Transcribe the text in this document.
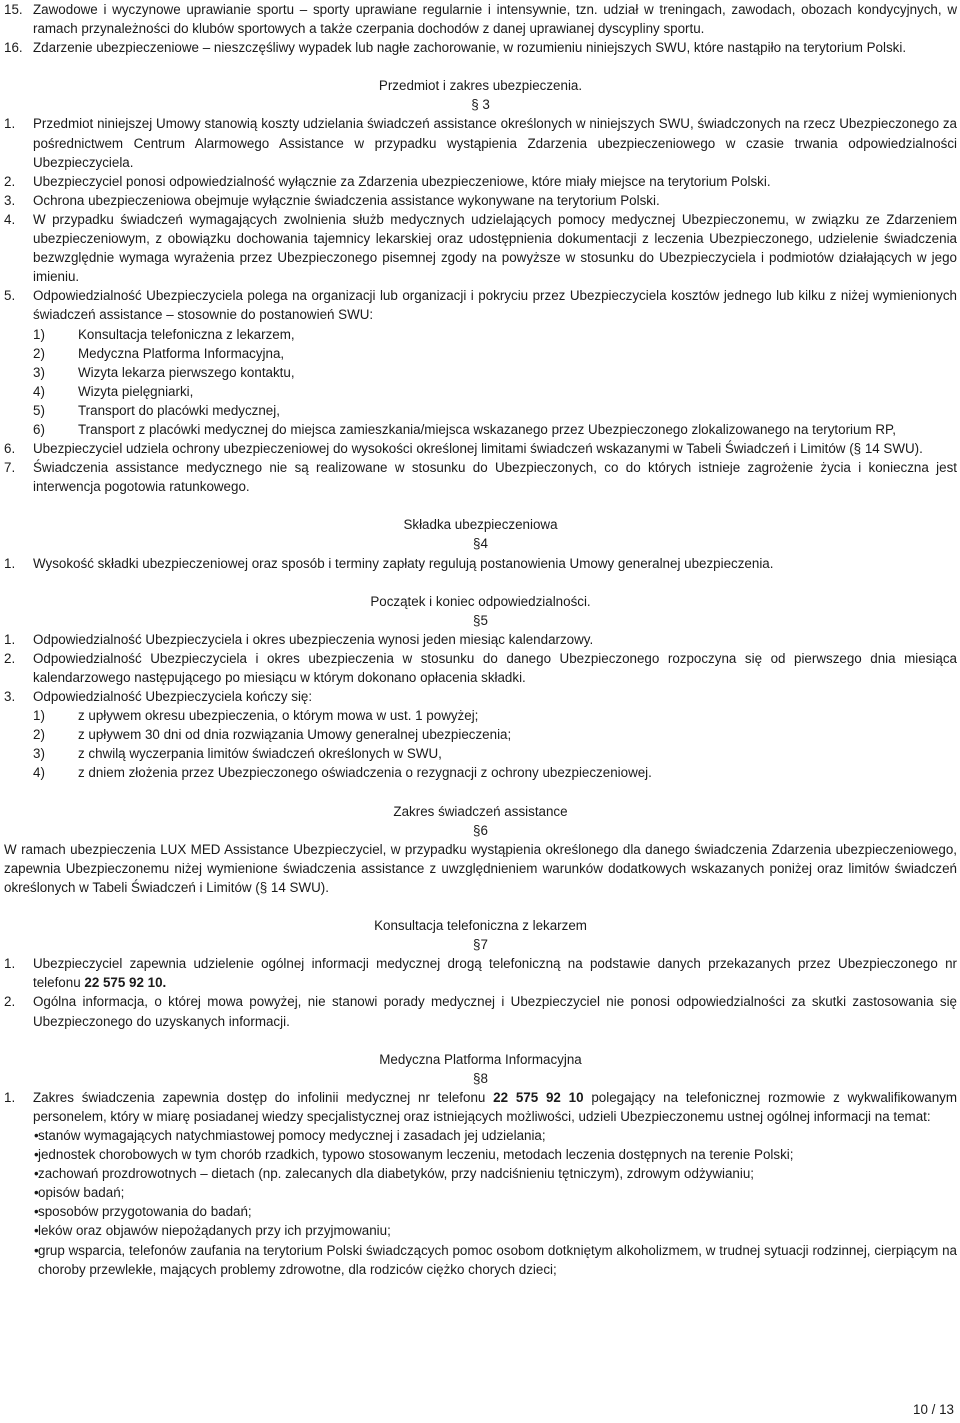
15. Zawodowe i wyczynowe uprawianie sportu – sporty uprawiane regularnie i intensywnie, tzn. udział w treningach, zawodach, obozach kondycyjnych, w ramach przynależności do klubów sportowych a także czerpania dochodów z danej uprawianej dyscypliny sportu.
16. Zdarzenie ubezpieczeniowe – nieszczęśliwy wypadek lub nagłe zachorowanie, w rozumieniu niniejszych SWU, które nastąpiło na terytorium Polski.
Przedmiot i zakres ubezpieczenia.
§ 3
1.	Przedmiot niniejszej Umowy stanowią koszty udzielania świadczeń assistance określonych w niniejszych SWU, świadczonych na rzecz Ubezpieczonego za pośrednictwem Centrum Alarmowego Assistance w przypadku wystąpienia Zdarzenia ubezpieczeniowego w czasie trwania odpowiedzialności Ubezpieczyciela.
2.	Ubezpieczyciel ponosi odpowiedzialność wyłącznie za Zdarzenia ubezpieczeniowe, które miały miejsce na terytorium Polski.
3.	Ochrona ubezpieczeniowa obejmuje wyłącznie świadczenia assistance wykonywane na terytorium Polski.
4.	W przypadku świadczeń wymagających zwolnienia służb medycznych udzielających pomocy medycznej Ubezpieczonemu, w związku ze Zdarzeniem ubezpieczeniowym, z obowiązku dochowania tajemnicy lekarskiej oraz udostępnienia dokumentacji z leczenia Ubezpieczonego, udzielenie świadczenia bezwzględnie wymaga wyrażenia przez Ubezpieczonego pisemnej zgody na powyższe w stosunku do Ubezpieczyciela i podmiotów działających w jego imieniu.
5.	Odpowiedzialność Ubezpieczyciela polega na organizacji lub organizacji i pokryciu przez Ubezpieczyciela kosztów jednego lub kilku z niżej wymienionych świadczeń assistance – stosownie do postanowień SWU:
1)	Konsultacja telefoniczna z lekarzem,
2)	Medyczna Platforma Informacyjna,
3)	Wizyta lekarza pierwszego kontaktu,
4)	Wizyta pielęgniarki,
5)	Transport do placówki medycznej,
6)	Transport z placówki medycznej do miejsca zamieszkania/miejsca wskazanego przez Ubezpieczonego zlokalizowanego na terytorium RP,
6.	Ubezpieczyciel udziela ochrony ubezpieczeniowej do wysokości określonej limitami świadczeń wskazanymi w Tabeli Świadczeń i Limitów (§ 14 SWU).
7.	Świadczenia assistance medycznego nie są realizowane w stosunku do Ubezpieczonych, co do których istnieje zagrożenie życia i konieczna jest interwencja pogotowia ratunkowego.
Składka ubezpieczeniowa
§4
1.	Wysokość składki ubezpieczeniowej oraz sposób i terminy zapłaty regulują postanowienia Umowy generalnej ubezpieczenia.
Początek i koniec odpowiedzialności.
§5
1.	Odpowiedzialność Ubezpieczyciela i okres ubezpieczenia wynosi jeden miesiąc kalendarzowy.
2.	Odpowiedzialność Ubezpieczyciela i okres ubezpieczenia w stosunku do danego Ubezpieczonego rozpoczyna się od pierwszego dnia miesiąca kalendarzowego następującego po miesiącu w którym dokonano opłacenia składki.
3.	Odpowiedzialność Ubezpieczyciela kończy się:
1)	z upływem okresu ubezpieczenia, o którym mowa w ust. 1 powyżej;
2)	z upływem 30 dni od dnia rozwiązania Umowy generalnej ubezpieczenia;
3)	z chwilą wyczerpania limitów świadczeń określonych w SWU,
4)	z dniem złożenia przez Ubezpieczonego oświadczenia o rezygnacji z ochrony ubezpieczeniowej.
Zakres świadczeń assistance
§6
W ramach ubezpieczenia LUX MED Assistance Ubezpieczyciel, w przypadku wystąpienia określonego dla danego świadczenia Zdarzenia ubezpieczeniowego, zapewnia Ubezpieczonemu niżej wymienione świadczenia assistance z uwzględnieniem warunków dodatkowych wskazanych poniżej oraz limitów świadczeń określonych w Tabeli Świadczeń i Limitów (§ 14 SWU).
Konsultacja telefoniczna z lekarzem
§7
1.	Ubezpieczyciel zapewnia udzielenie ogólnej informacji medycznej drogą telefoniczną na podstawie danych przekazanych przez Ubezpieczonego nr telefonu 22 575 92 10.
2.	Ogólna informacja, o której mowa powyżej, nie stanowi porady medycznej i Ubezpieczyciel nie ponosi odpowiedzialności za skutki zastosowania się Ubezpieczonego do uzyskanych informacji.
Medyczna Platforma Informacyjna
§8
1.	Zakres świadczenia zapewnia dostęp do infolinii medycznej nr telefonu 22 575 92 10 polegający na telefonicznej rozmowie z wykwalifikowanym personelem, który w miarę posiadanej wiedzy specjalistycznej oraz istniejących możliwości, udzieli Ubezpieczonemu ustnej ogólnej informacji na temat:
• stanów wymagających natychmiastowej pomocy medycznej i zasadach jej udzielania;
• jednostek chorobowych w tym chorób rzadkich, typowo stosowanym leczeniu, metodach leczenia dostępnych na terenie Polski;
• zachowań prozdrowotnych – dietach (np. zalecanych dla diabetyków, przy nadciśnieniu tętniczym), zdrowym odżywianiu;
• opisów badań;
• sposobów przygotowania do badań;
• leków oraz objawów niepożądanych przy ich przyjmowaniu;
• grup wsparcia, telefonów zaufania na terytorium Polski świadczących pomoc osobom dotkniętym alkoholizmem, w trudnej sytuacji rodzinnej, cierpiącym na choroby przewlekłe, mających problemy zdrowotne, dla rodziców ciężko chorych dzieci;
10 / 13
